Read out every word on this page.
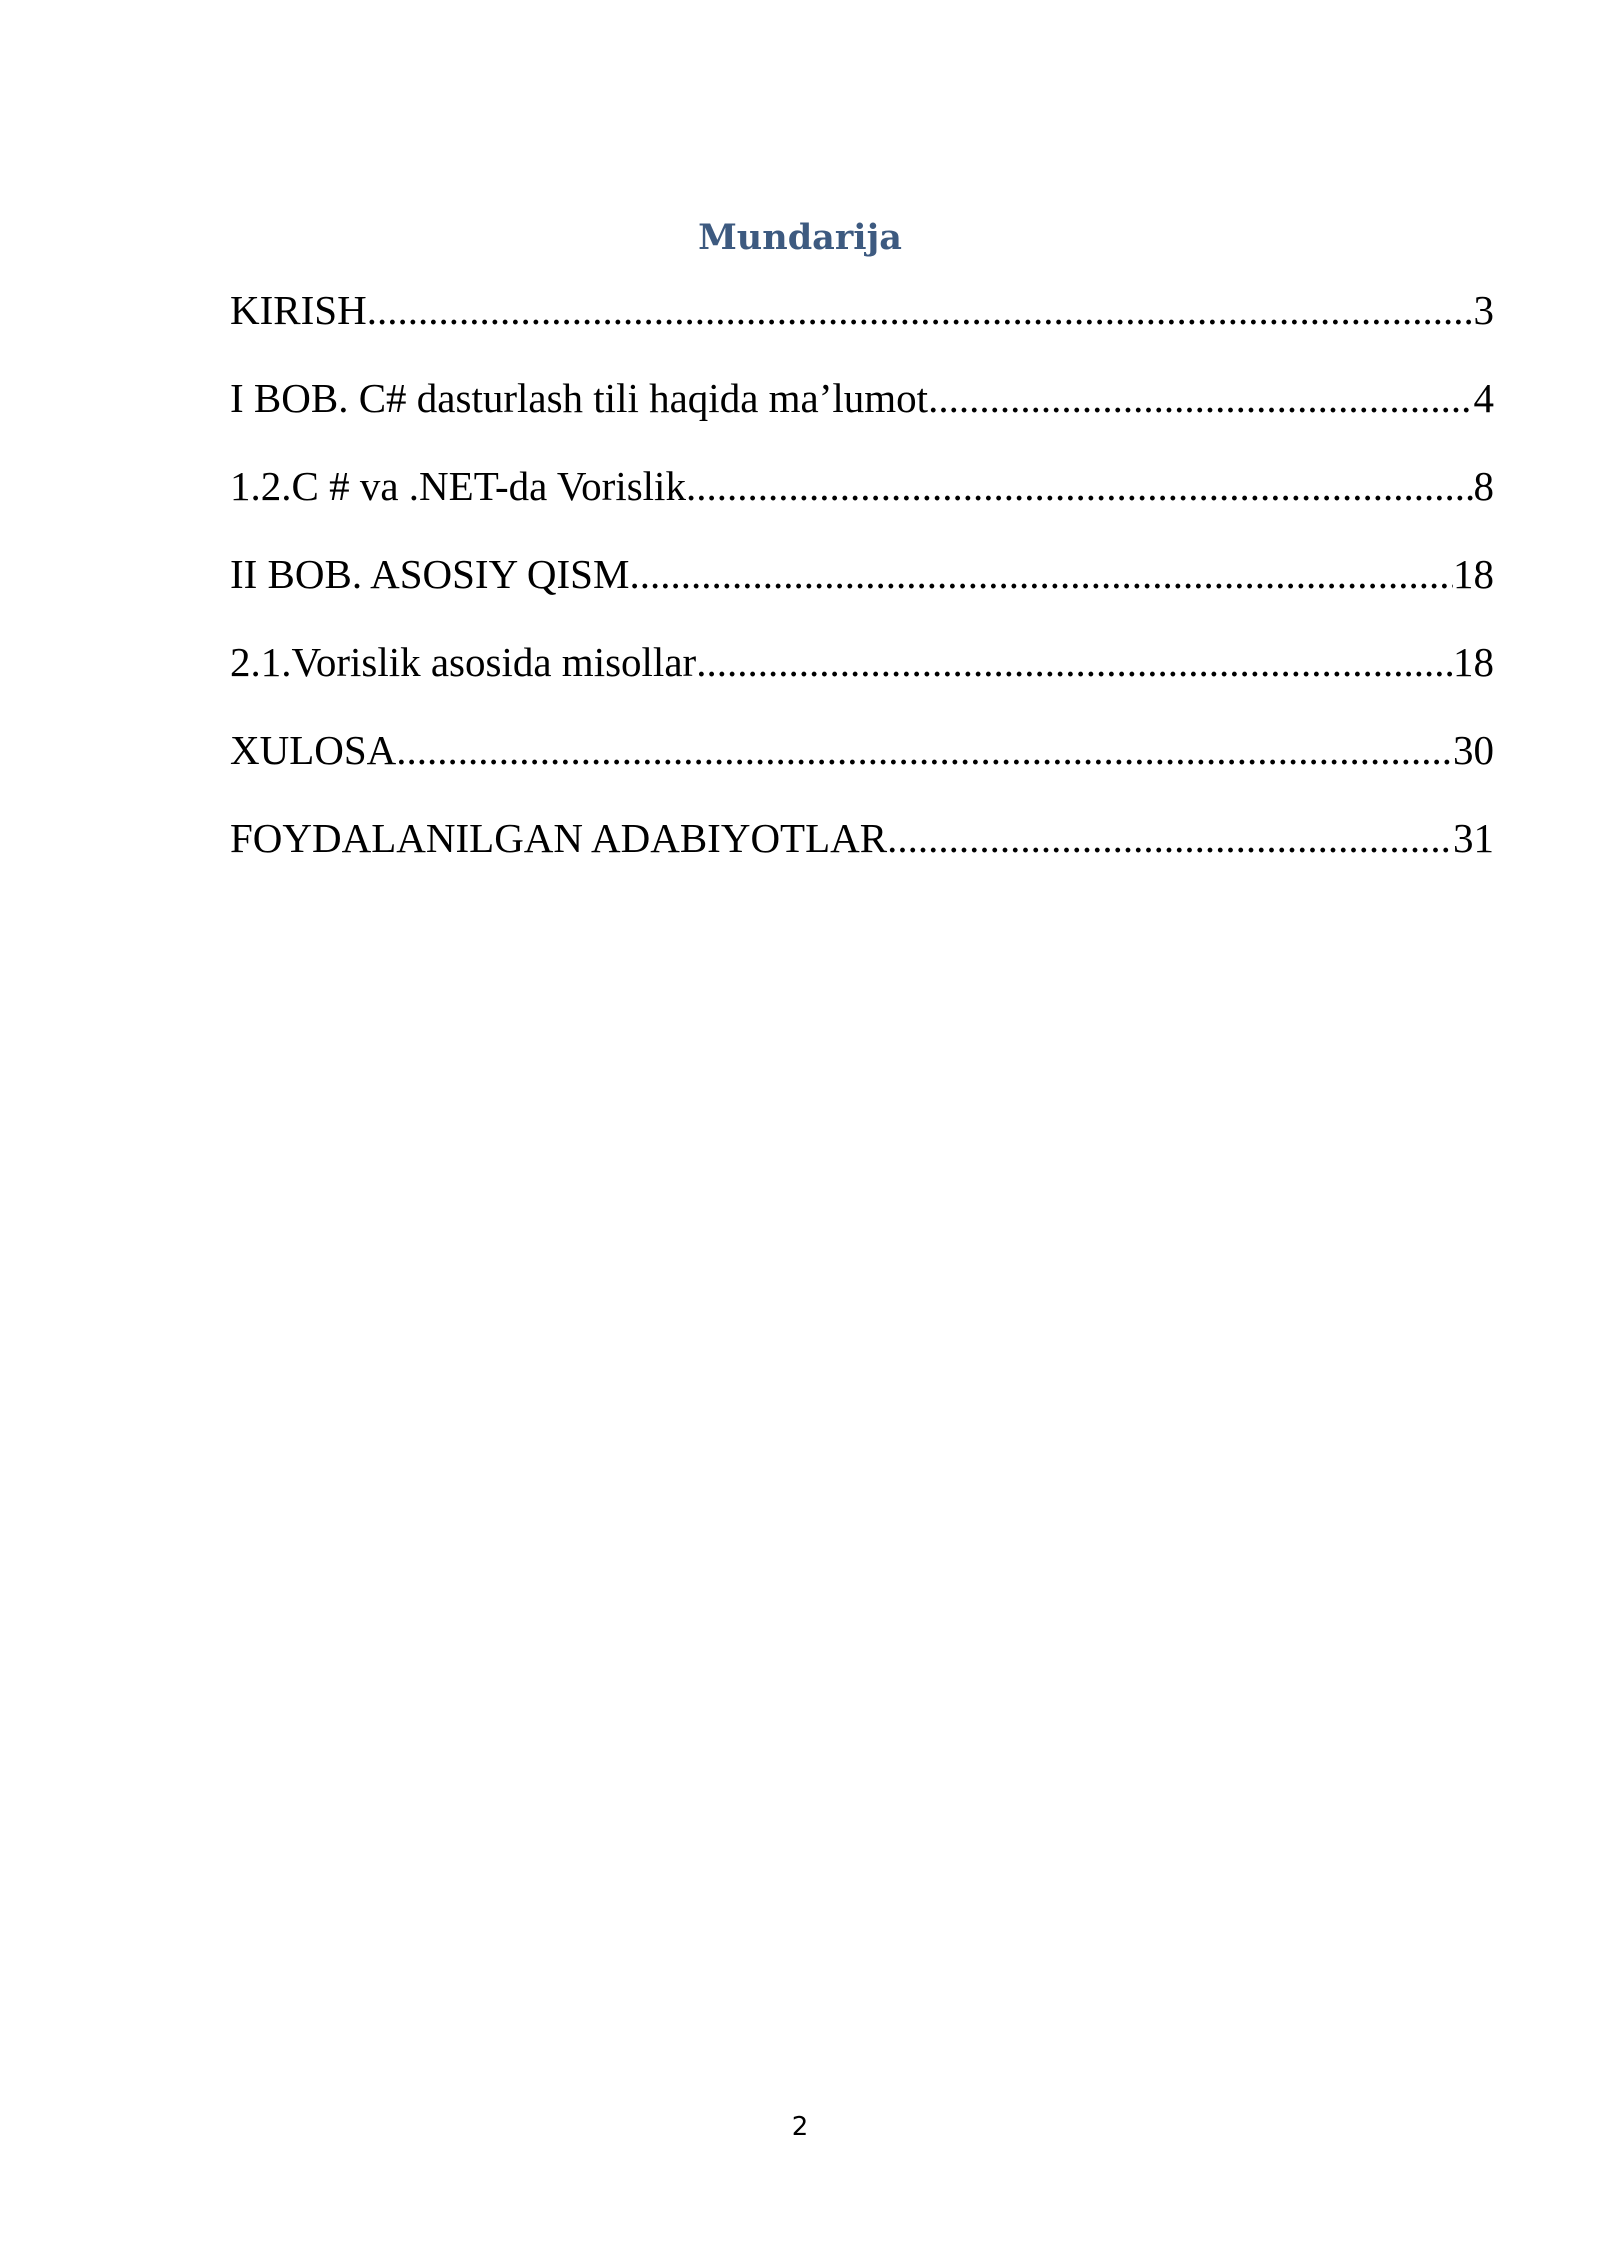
Mundarija
KIRISH .....	3
I BOB. C# dasturlash tili haqida ma’lumot .....	4
1.2.C # va .NET-da Vorislik .....	8
II BOB. ASOSIY QISM .....	18
2.1.Vorislik asosida misollar .....	18
XULOSA .....	30
FOYDALANILGAN ADABIYOTLAR .....	31
2
